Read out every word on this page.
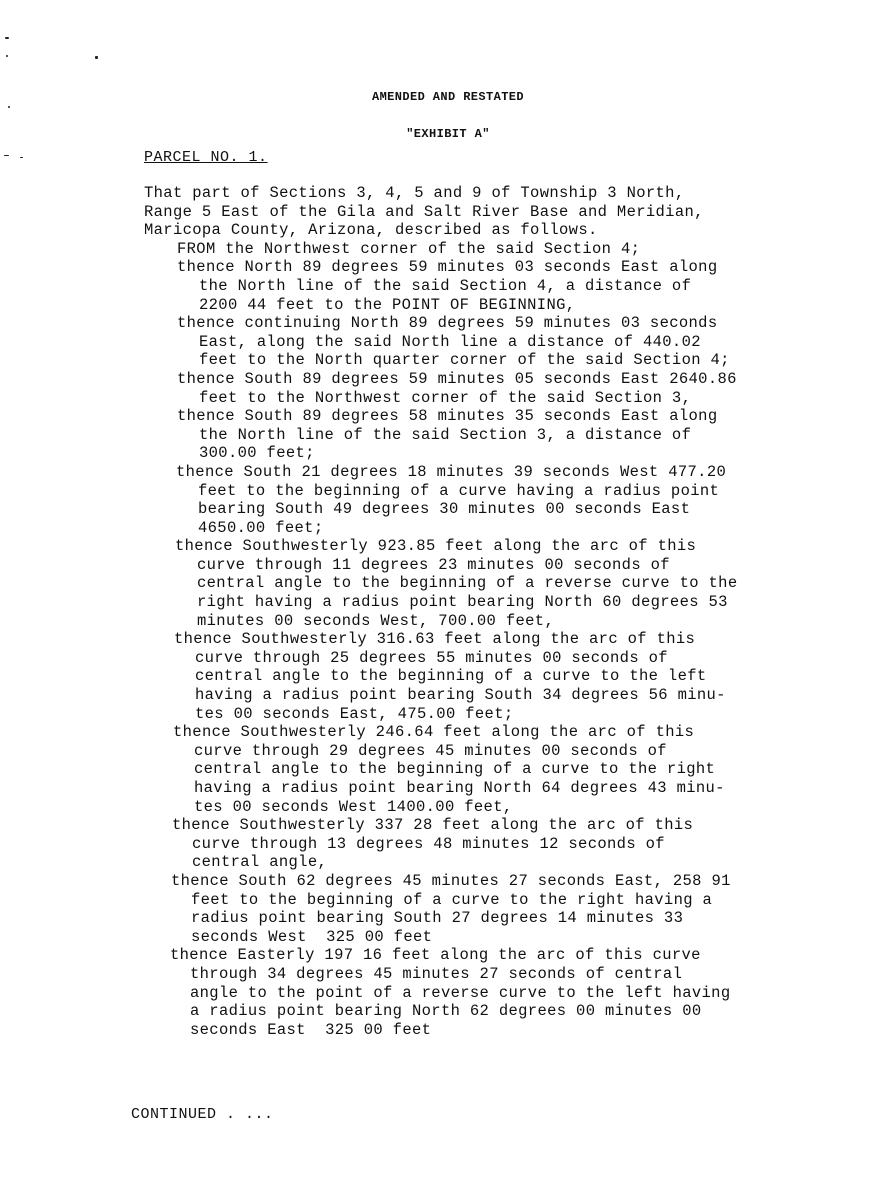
AMENDED AND RESTATED
"EXHIBIT A"
PARCEL NO. 1.
That part of Sections 3, 4, 5 and 9 of Township 3 North,
Range 5 East of the Gila and Salt River Base and Meridian,
Maricopa County, Arizona, described as follows.
FROM the Northwest corner of the said Section 4;
thence North 89 degrees 59 minutes 03 seconds East along
the North line of the said Section 4, a distance of
2200 44 feet to the POINT OF BEGINNING,
thence continuing North 89 degrees 59 minutes 03 seconds
East, along the said North line a distance of 440.02
feet to the North quarter corner of the said Section 4;
thence South 89 degrees 59 minutes 05 seconds East 2640.86
feet to the Northwest corner of the said Section 3,
thence South 89 degrees 58 minutes 35 seconds East along
the North line of the said Section 3, a distance of
300.00 feet;
thence South 21 degrees 18 minutes 39 seconds West 477.20
feet to the beginning of a curve having a radius point
bearing South 49 degrees 30 minutes 00 seconds East
4650.00 feet;
thence Southwesterly 923.85 feet along the arc of this
curve through 11 degrees 23 minutes 00 seconds of
central angle to the beginning of a reverse curve to the
right having a radius point bearing North 60 degrees 53
minutes 00 seconds West, 700.00 feet,
thence Southwesterly 316.63 feet along the arc of this
curve through 25 degrees 55 minutes 00 seconds of
central angle to the beginning of a curve to the left
having a radius point bearing South 34 degrees 56 minu-
tes 00 seconds East, 475.00 feet;
thence Southwesterly 246.64 feet along the arc of this
curve through 29 degrees 45 minutes 00 seconds of
central angle to the beginning of a curve to the right
having a radius point bearing North 64 degrees 43 minu-
tes 00 seconds West 1400.00 feet,
thence Southwesterly 337 28 feet along the arc of this
curve through 13 degrees 48 minutes 12 seconds of
central angle,
thence South 62 degrees 45 minutes 27 seconds East, 258 91
feet to the beginning of a curve to the right having a
radius point bearing South 27 degrees 14 minutes 33
seconds West  325 00 feet
thence Easterly 197 16 feet along the arc of this curve
through 34 degrees 45 minutes 27 seconds of central
angle to the point of a reverse curve to the left having
a radius point bearing North 62 degrees 00 minutes 00
seconds East  325 00 feet
CONTINUED . ...
